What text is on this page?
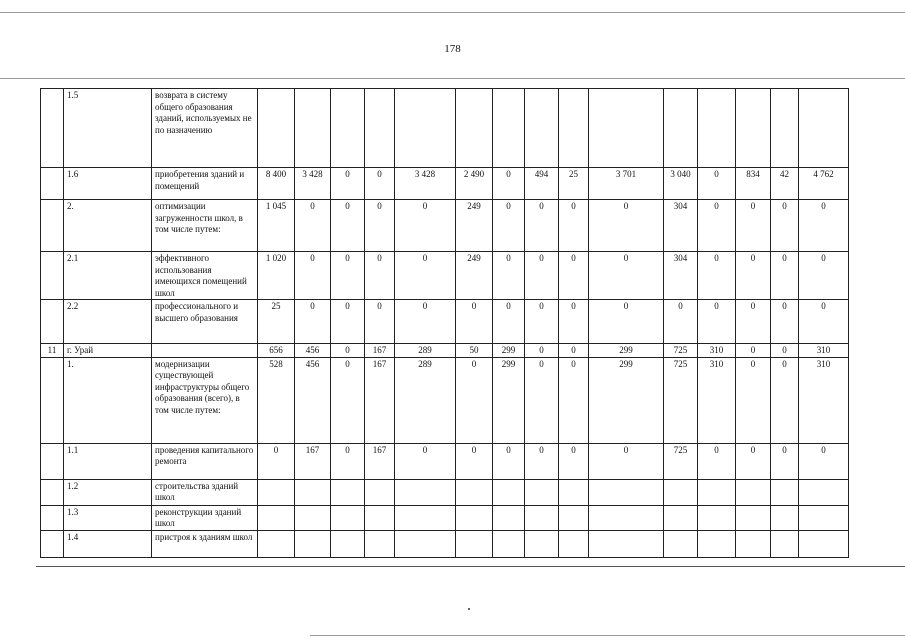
178
	1.5	возврата в систему общего образования зданий, используемых не по назначению															
	1.6	приобретения зданий и помещений	8 400	3 428	0	0	3 428	2 490	0	494	25	3 701	3 040	0	834	42	4 762
	2.	оптимизации загруженности школ, в том числе путем:	1 045	0	0	0	0	249	0	0	0	0	304	0	0	0	0
	2.1	эффективного использования имеющихся помещений школ	1 020	0	0	0	0	249	0	0	0	0	304	0	0	0	0
	2.2	профессионального и высшего образования	25	0	0	0	0	0	0	0	0	0	0	0	0	0	0
11	г. Урай		656	456	0	167	289	50	299	0	0	299	725	310	0	0	310
	1.	модернизации существующей инфраструктуры общего образования (всего), в том числе путем:	528	456	0	167	289	0	299	0	0	299	725	310	0	0	310
	1.1	проведения капитального ремонта	0	167	0	167	0	0	0	0	0	0	725	0	0	0	0
	1.2	строительства зданий школ															
	1.3	реконструкции зданий школ															
	1.4	пристроя к зданиям школ															
